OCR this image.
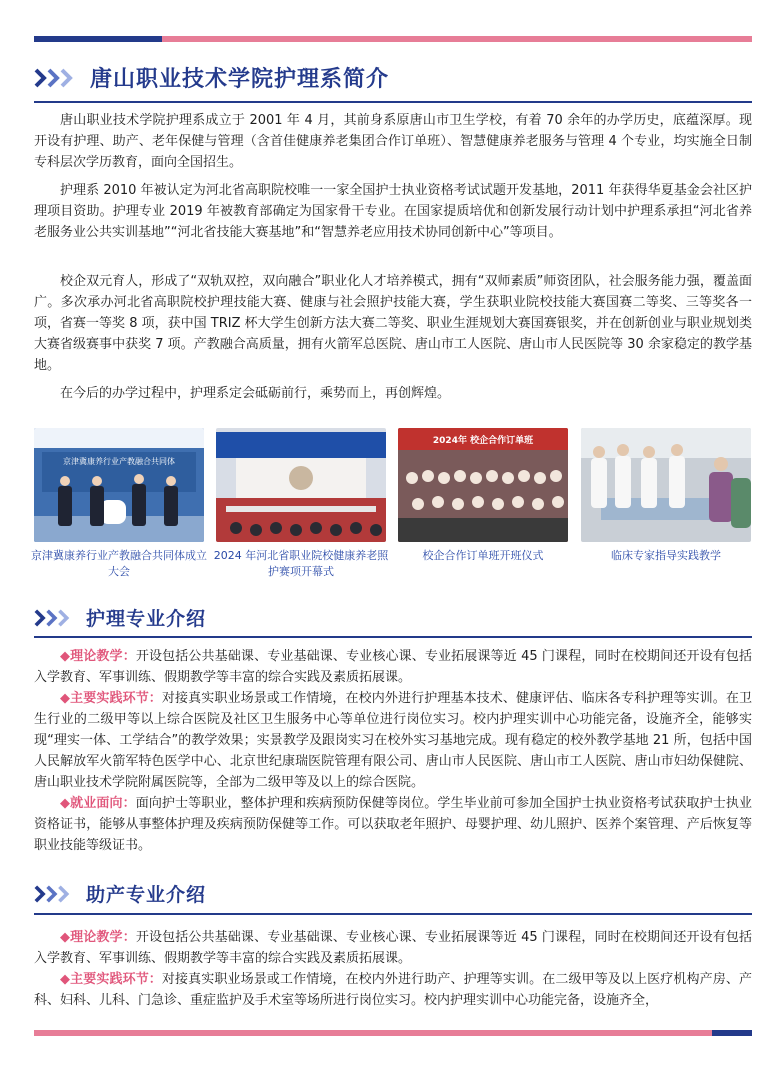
唐山职业技术学院护理系简介

唐山职业技术学院护理系成立于 2001 年 4 月，其前身系原唐山市卫生学校，有着 70 余年的办学历史，底蕴深厚。现开设有护理、助产、老年保健与管理（含首佳健康养老集团合作订单班）、智慧健康养老服务与管理 4 个专业，均实施全日制专科层次学历教育，面向全国招生。

护理系 2010 年被认定为河北省高职院校唯一一家全国护士执业资格考试试题开发基地，2011 年获得华夏基金会社区护理项目资助。护理专业 2019 年被教育部确定为国家骨干专业。在国家提质培优和创新发展行动计划中护理系承担“河北省养老服务业公共实训基地”“河北省技能大赛基地”和“智慧养老应用技术协同创新中心”等项目。

校企双元育人，形成了“双轨双控，双向融合”职业化人才培养模式，拥有“双师素质”师资团队，社会服务能力强，覆盖面广。多次承办河北省高职院校护理技能大赛、健康与社会照护技能大赛，学生获职业院校技能大赛国赛二等奖、三等奖各一项，省赛一等奖 8 项，获中国 TRIZ 杯大学生创新方法大赛二等奖、职业生涯规划大赛国赛银奖，并在创新创业与职业规划类大赛省级赛事中获奖 7 项。产教融合高质量，拥有火箭军总医院、唐山市工人医院、唐山市人民医院等 30 余家稳定的教学基地。

在今后的办学过程中，护理系定会砥砺前行，乘势而上，再创辉煌。

京津冀康养行业产教融合共同体
京津冀康养行业产教融合共同体成立大会
2024 年河北省职业院校健康养老照护赛项开幕式
2024年 校企合作订单班
校企合作订单班开班仪式	临床专家指导实践教学
护理专业介绍

◆理论教学：开设包括公共基础课、专业基础课、专业核心课、专业拓展课等近 45 门课程，同时在校期间还开设有包括入学教育、军事训练、假期教学等丰富的综合实践及素质拓展课。

◆主要实践环节：对接真实职业场景或工作情境，在校内外进行护理基本技术、健康评估、临床各专科护理等实训。在卫生行业的二级甲等以上综合医院及社区卫生服务中心等单位进行岗位实习。校内护理实训中心功能完备，设施齐全，能够实现“理实一体、工学结合”的教学效果；实景教学及跟岗实习在校外实习基地完成。现有稳定的校外教学基地 21 所，包括中国人民解放军火箭军特色医学中心、北京世纪康瑞医院管理有限公司、唐山市人民医院、唐山市工人医院、唐山市妇幼保健院、唐山职业技术学院附属医院等，全部为二级甲等及以上的综合医院。

◆就业面向：面向护士等职业，整体护理和疾病预防保健等岗位。学生毕业前可参加全国护士执业资格考试获取护士执业资格证书，能够从事整体护理及疾病预防保健等工作。可以获取老年照护、母婴护理、幼儿照护、医养个案管理、产后恢复等职业技能等级证书。

助产专业介绍

◆理论教学：开设包括公共基础课、专业基础课、专业核心课、专业拓展课等近 45 门课程，同时在校期间还开设有包括入学教育、军事训练、假期教学等丰富的综合实践及素质拓展课。

◆主要实践环节：对接真实职业场景或工作情境，在校内外进行助产、护理等实训。在二级甲等及以上医疗机构产房、产科、妇科、儿科、门急诊、重症监护及手术室等场所进行岗位实习。校内护理实训中心功能完备，设施齐全，
